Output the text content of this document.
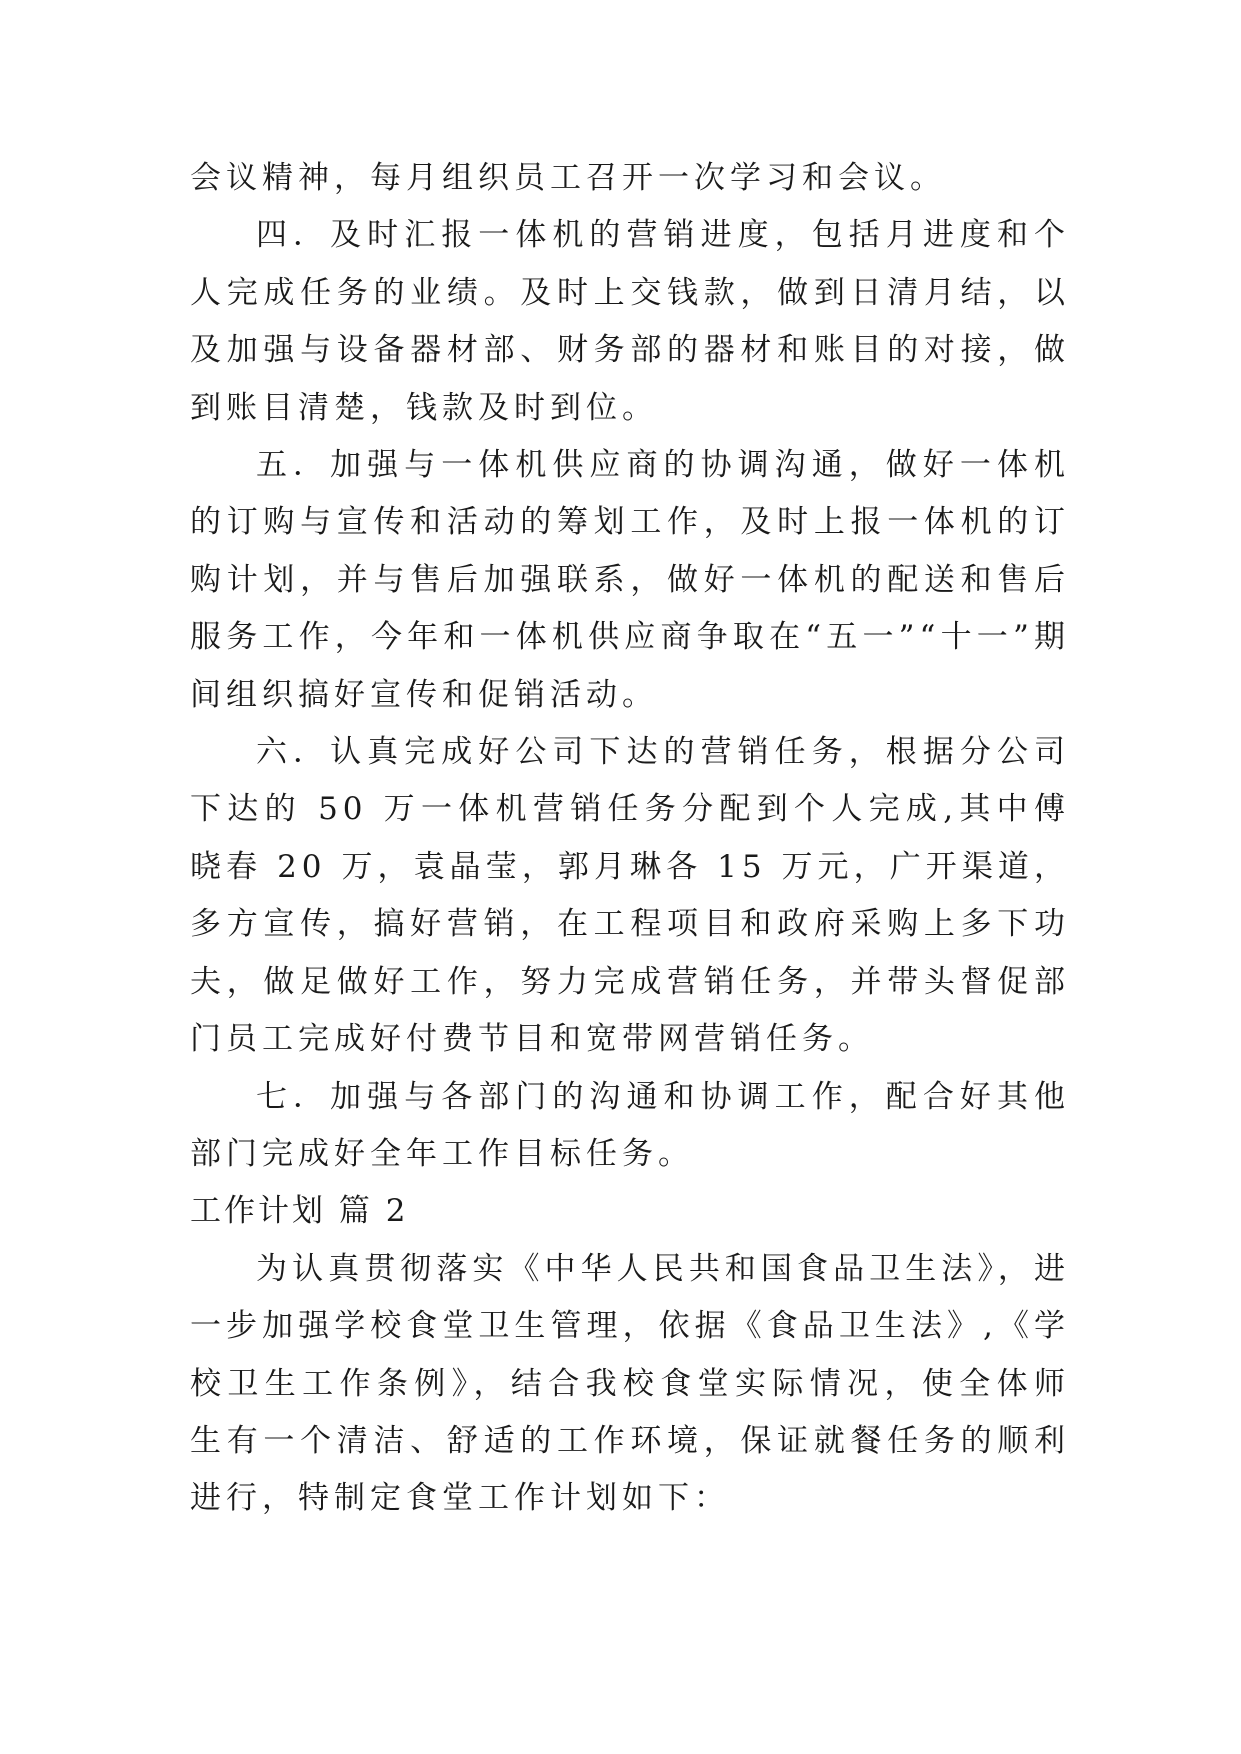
会议精神，每月组织员工召开一次学习和会议。

四．及时汇报一体机的营销进度，包括月进度和个人完成任务的业绩。及时上交钱款，做到日清月结，以及加强与设备器材部、财务部的器材和账目的对接，做到账目清楚，钱款及时到位。

五．加强与一体机供应商的协调沟通，做好一体机的订购与宣传和活动的筹划工作，及时上报一体机的订购计划，并与售后加强联系，做好一体机的配送和售后服务工作，今年和一体机供应商争取在“五一”“十一”期间组织搞好宣传和促销活动。

六．认真完成好公司下达的营销任务，根据分公司下达的 50 万一体机营销任务分配到个人完成,其中傅晓春 20 万，袁晶莹，郭月琳各 15 万元，广开渠道，多方宣传，搞好营销，在工程项目和政府采购上多下功夫，做足做好工作，努力完成营销任务，并带头督促部门员工完成好付费节目和宽带网营销任务。

七．加强与各部门的沟通和协调工作，配合好其他部门完成好全年工作目标任务。

工作计划 篇 2

为认真贯彻落实《中华人民共和国食品卫生法》，进一步加强学校食堂卫生管理，依据《食品卫生法》,《学校卫生工作条例》，结合我校食堂实际情况，使全体师生有一个清洁、舒适的工作环境，保证就餐任务的顺利进行，特制定食堂工作计划如下：
